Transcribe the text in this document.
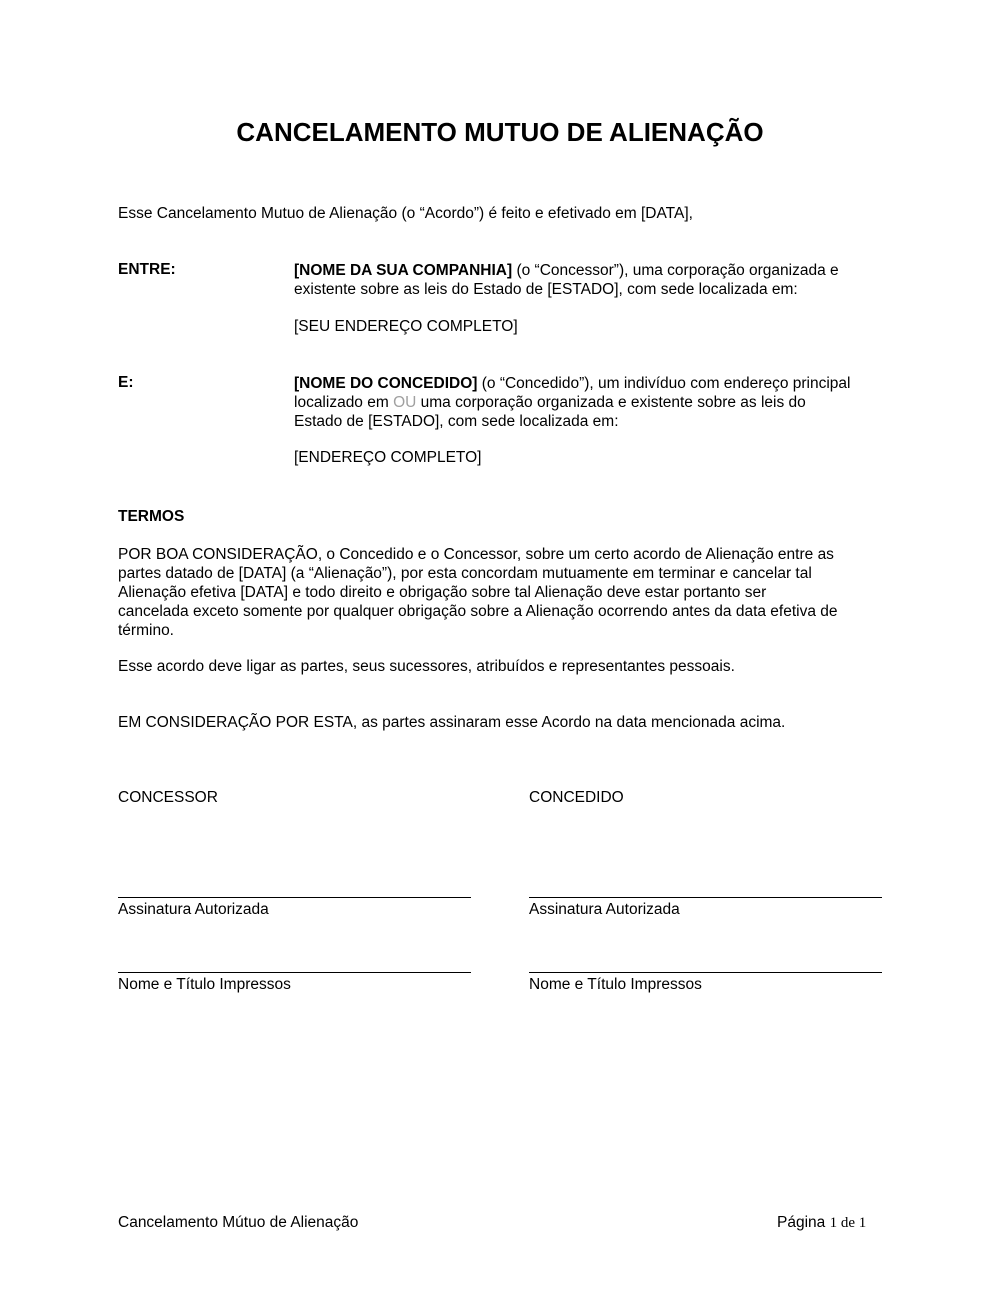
CANCELAMENTO MUTUO DE ALIENAÇÃO
Esse Cancelamento Mutuo de Alienação (o “Acordo”) é feito e efetivado em [DATA],
ENTRE:	[NOME DA SUA COMPANHIA] (o “Concessor”), uma corporação organizada e
existente sobre as leis do Estado de [ESTADO], com sede localizada em:
[SEU ENDEREÇO COMPLETO]
E:	[NOME DO CONCEDIDO] (o “Concedido”), um indivíduo com endereço principal
localizado em OU uma corporação organizada e existente sobre as leis do
Estado de [ESTADO], com sede localizada em:
[ENDEREÇO COMPLETO]
TERMOS
POR BOA CONSIDERAÇÃO, o Concedido e o Concessor, sobre um certo acordo de Alienação entre as
partes datado de [DATA] (a “Alienação”), por esta concordam mutuamente em terminar e cancelar tal
Alienação efetiva [DATA] e todo direito e obrigação sobre tal Alienação deve estar portanto ser
cancelada exceto somente por qualquer obrigação sobre a Alienação ocorrendo antes da data efetiva de
término.
Esse acordo deve ligar as partes, seus sucessores, atribuídos e representantes pessoais.
EM CONSIDERAÇÃO POR ESTA, as partes assinaram esse Acordo na data mencionada acima.
CONCESSOR	CONCEDIDO
Assinatura Autorizada	Assinatura Autorizada
Nome e Título Impressos	Nome e Título Impressos
Cancelamento Mútuo de Alienação	Página 1 de 1
